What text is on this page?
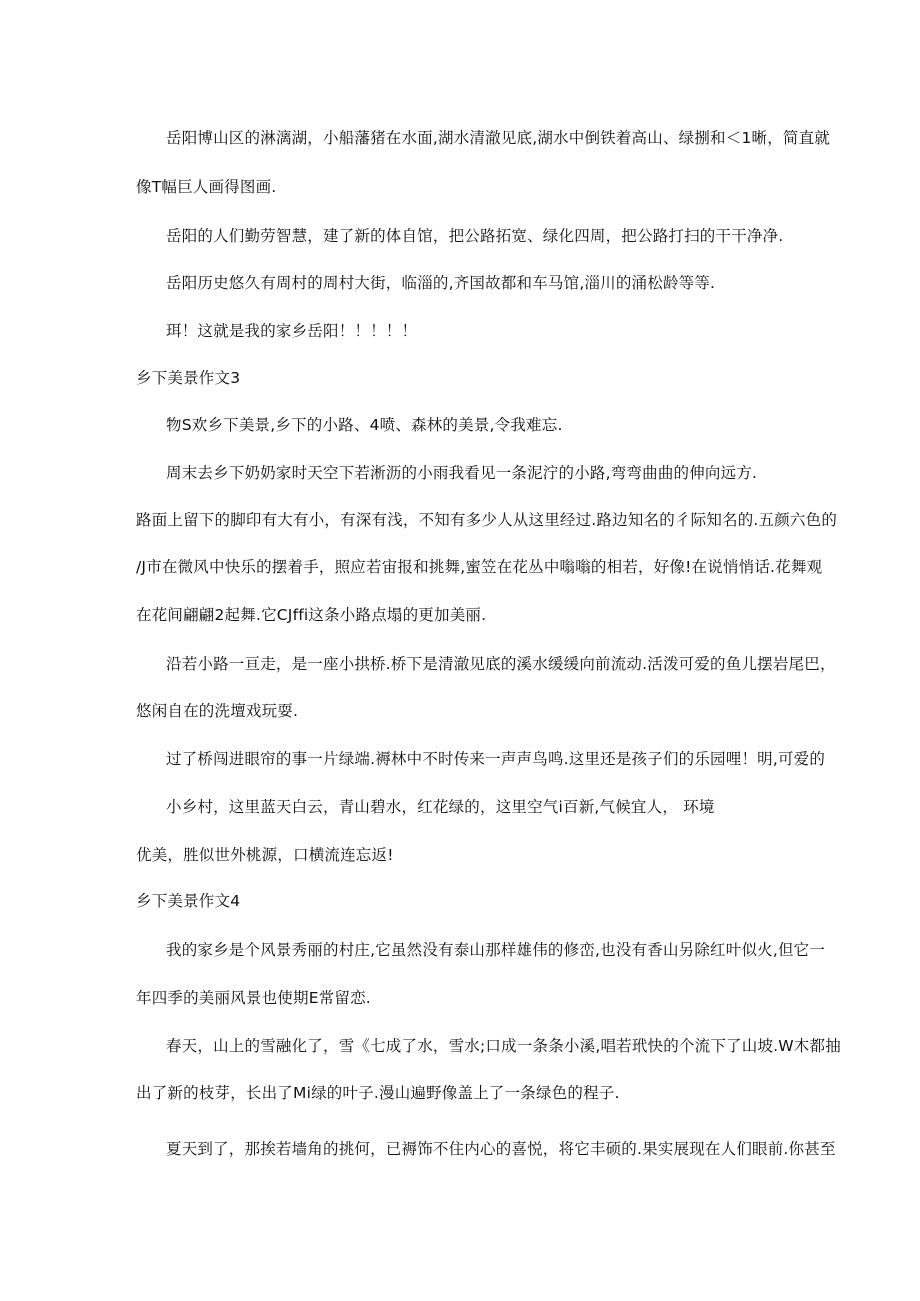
岳阳博山区的淋漓湖，小船藩猪在水面,湖水清澈见底,湖水中倒铁着高山、绿捌和＜1晰，简直就
像T幅巨人画得图画.
岳阳的人们勤劳智慧，建了新的体自馆，把公路拓宽、绿化四周，把公路打扫的干干净净.
岳阳历史悠久有周村的周村大街，临淄的,齐国故都和车马馆,淄川的涌松龄等等.
珥！这就是我的家乡岳阳！！！！！
乡下美景作文3
物S欢乡下美景,乡下的小路、4喷、森林的美景,令我难忘.
周末去乡下奶奶家时天空下若淅沥的小雨我看见一条泥泞的小路,弯弯曲曲的伸向远方.
路面上留下的脚印有大有小，有深有浅，不知有多少人从这里经过.路边知名的彳际知名的.五颜六色的
/J市在微风中快乐的摆着手，照应若宙报和挑舞,蜜笠在花丛中嗡嗡的相若，好像!在说悄悄话.花舞观
在花间翩翩2起舞.它CJffi这条小路点塌的更加美丽.
沿若小路一亘走，是一座小拱桥.桥下是清澈见底的溪水缓缓向前流动.活泼可爱的鱼儿摆岩尾巴，
悠闲自在的洗壇戏玩耍.
过了桥闯进眼帘的事一片绿端.褥林中不时传来一声声鸟鸣.这里还是孩子们的乐园哩！明,可爱的
小乡村，这里蓝天白云，青山碧水，红花绿的，这里空气i百新,气候宜人， 环境
优美，胜似世外桃源，口横流连忘返!
乡下美景作文4
我的家乡是个风景秀丽的村庄,它虽然没有泰山那样雄伟的修峦,也没有香山另除红叶似火,但它一
年四季的美丽风景也使期E常留恋.
春天，山上的雪融化了，雪《七成了水，雪水;口成一条条小溪,唱若玳快的个流下了山坡.W木都抽
出了新的枝芽，长出了Mi绿的叶子.漫山遍野像盖上了一条绿色的程子.
夏天到了，那挨若墙角的挑何，已褥饰不住内心的喜悦，将它丰硕的.果实展现在人们眼前.你甚至
